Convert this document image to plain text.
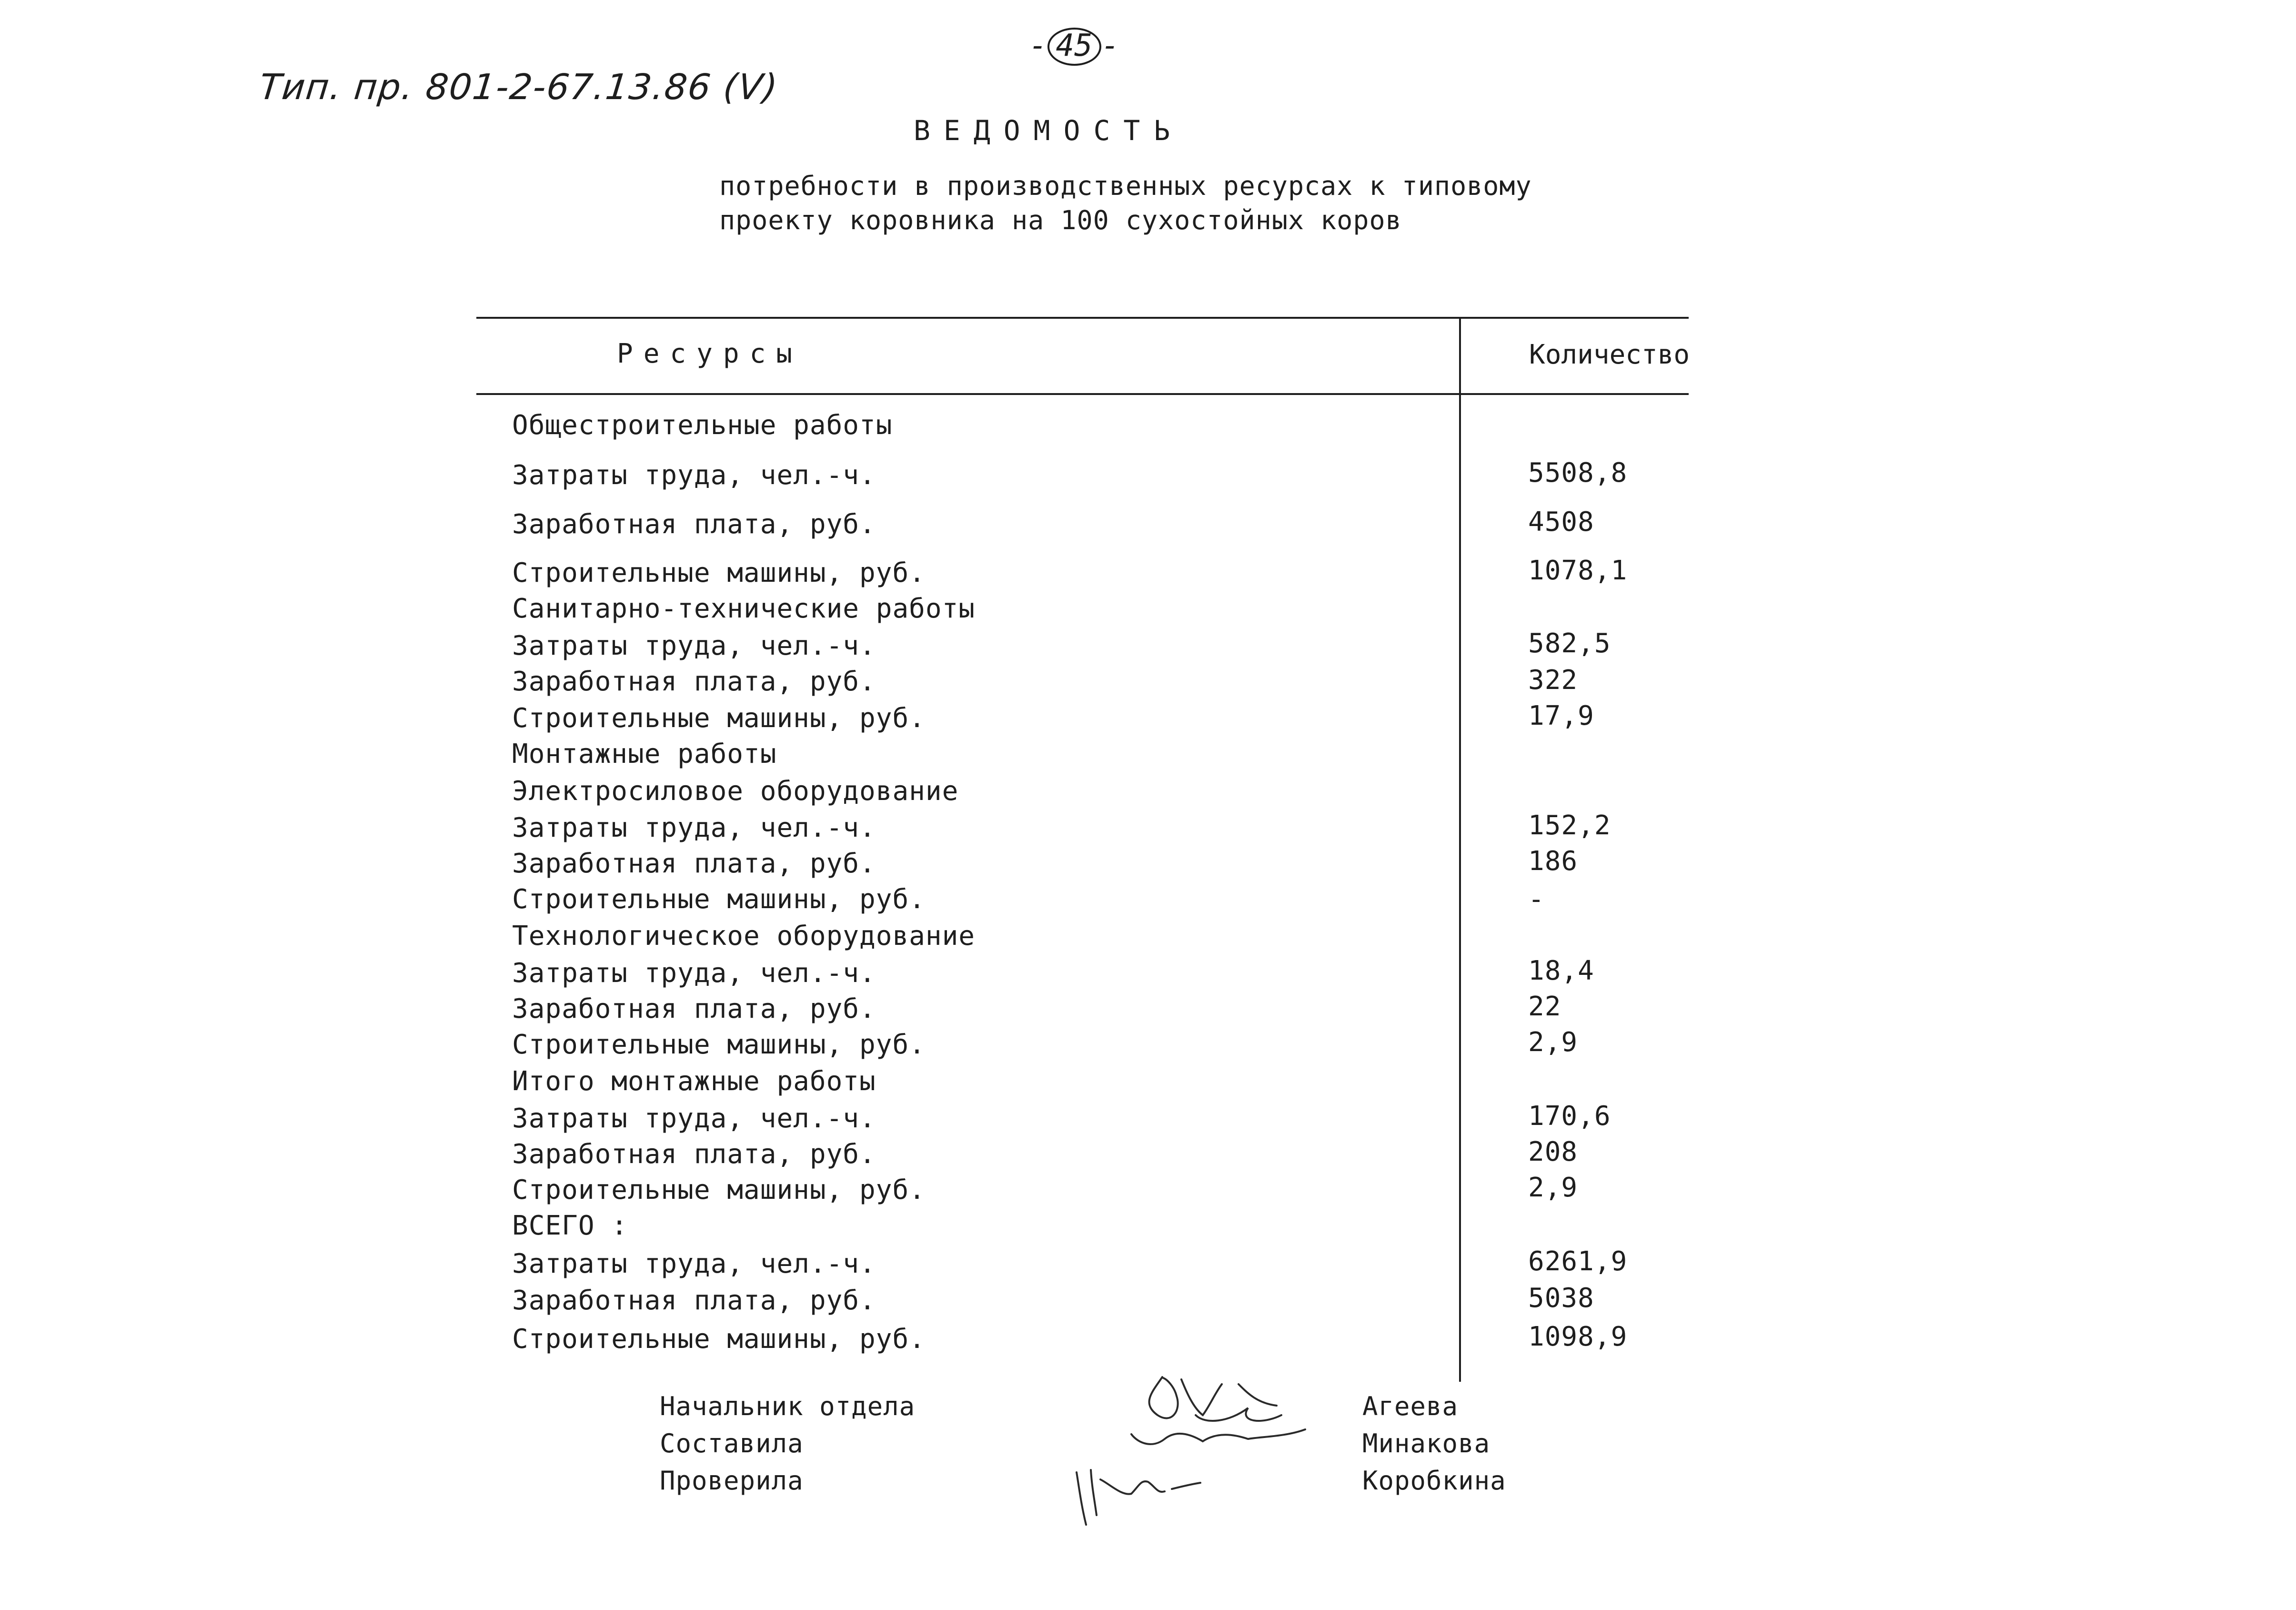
Тип. пр. 801-2-67.13.86 (V)
- 45 -
ВЕДОМОСТЬ
потребности в производственных ресурсах к типовому
проекту коровника на 100 сухостойных коров
Ресурсы	Количество
Общестроительные работы
Затраты труда, чел.-ч.	5508,8
Заработная плата, руб.	4508
Строительные машины, руб.	1078,1
Санитарно-технические работы
Затраты труда, чел.-ч.	582,5
Заработная плата, руб.	322
Строительные машины, руб.	17,9
Монтажные работы
Электросиловое оборудование
Затраты труда, чел.-ч.	152,2
Заработная плата, руб.	186
Строительные машины, руб.	-
Технологическое оборудование
Затраты труда, чел.-ч.	18,4
Заработная плата, руб.	22
Строительные машины, руб.	2,9
Итого монтажные работы
Затраты труда, чел.-ч.	170,6
Заработная плата, руб.	208
Строительные машины, руб.	2,9
ВСЕГО :
Затраты труда, чел.-ч.	6261,9
Заработная плата, руб.	5038
Строительные машины, руб.	1098,9
Начальник отдела	Агеева
Составила	Минакова
Проверила	Коробкина
